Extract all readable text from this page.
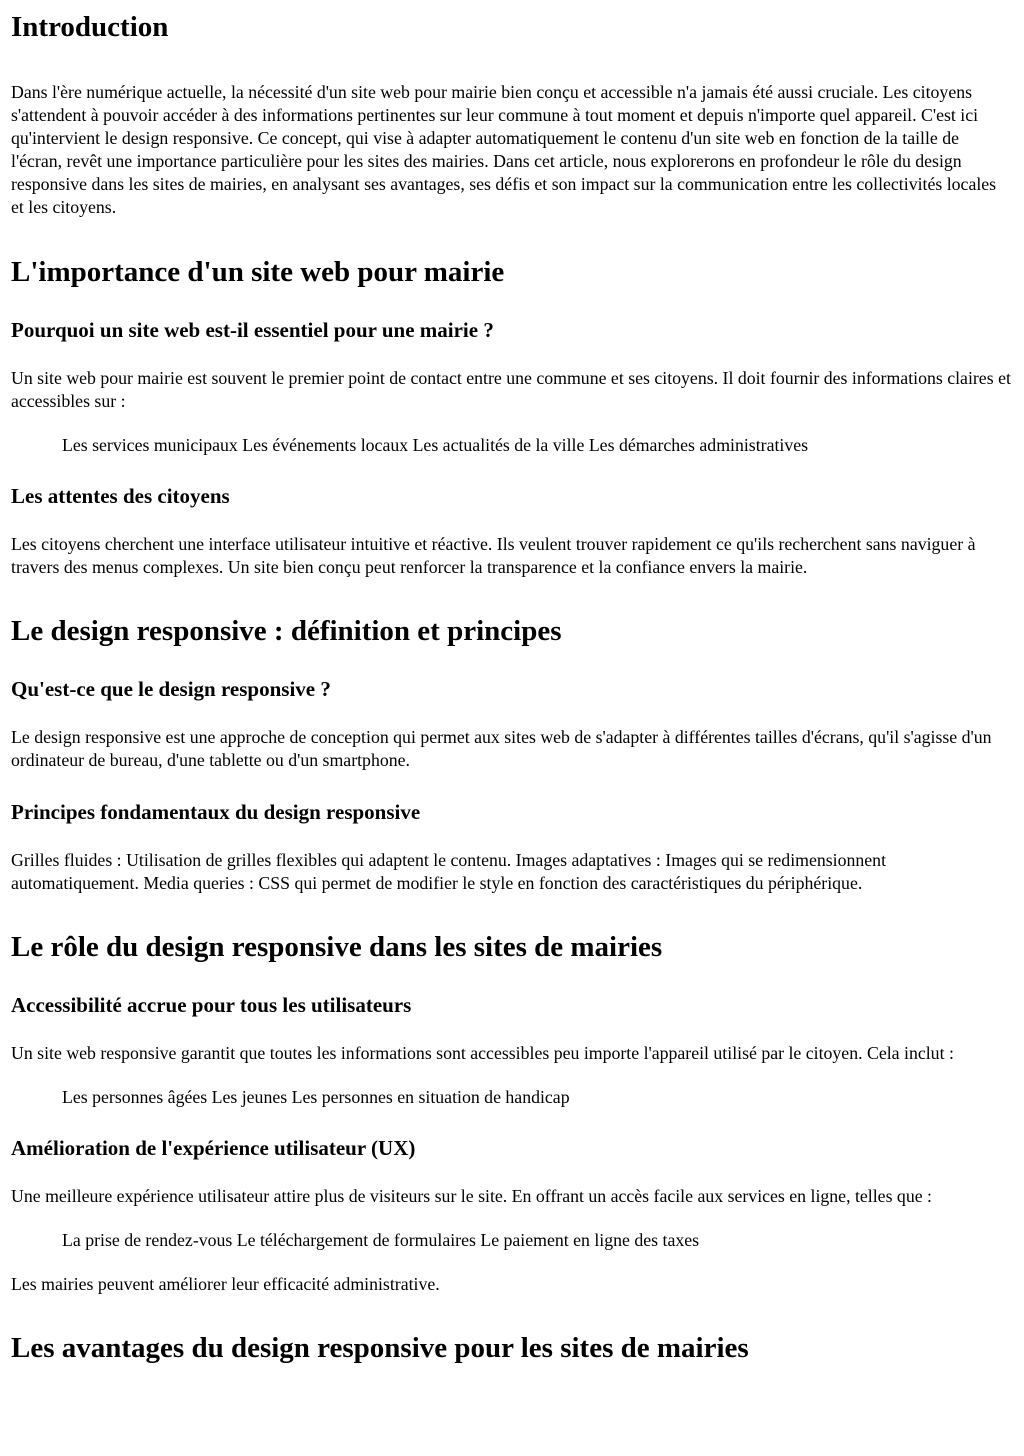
Introduction

Dans l'ère numérique actuelle, la nécessité d'un site web pour mairie bien conçu et accessible n'a jamais été aussi cruciale. Les citoyens s'attendent à pouvoir accéder à des informations pertinentes sur leur commune à tout moment et depuis n'importe quel appareil. C'est ici qu'intervient le design responsive. Ce concept, qui vise à adapter automatiquement le contenu d'un site web en fonction de la taille de l'écran, revêt une importance particulière pour les sites des mairies. Dans cet article, nous explorerons en profondeur le rôle du design responsive dans les sites de mairies, en analysant ses avantages, ses défis et son impact sur la communication entre les collectivités locales et les citoyens.

L'importance d'un site web pour mairie
Pourquoi un site web est-il essentiel pour une mairie ?

Un site web pour mairie est souvent le premier point de contact entre une commune et ses citoyens. Il doit fournir des informations claires et accessibles sur :

Les services municipaux Les événements locaux Les actualités de la ville Les démarches administratives

Les attentes des citoyens

Les citoyens cherchent une interface utilisateur intuitive et réactive. Ils veulent trouver rapidement ce qu'ils recherchent sans naviguer à travers des menus complexes. Un site bien conçu peut renforcer la transparence et la confiance envers la mairie.

Le design responsive : définition et principes
Qu'est-ce que le design responsive ?

Le design responsive est une approche de conception qui permet aux sites web de s'adapter à différentes tailles d'écrans, qu'il s'agisse d'un ordinateur de bureau, d'une tablette ou d'un smartphone.

Principes fondamentaux du design responsive

Grilles fluides : Utilisation de grilles flexibles qui adaptent le contenu. Images adaptatives : Images qui se redimensionnent automatiquement. Media queries : CSS qui permet de modifier le style en fonction des caractéristiques du périphérique.

Le rôle du design responsive dans les sites de mairies
Accessibilité accrue pour tous les utilisateurs

Un site web responsive garantit que toutes les informations sont accessibles peu importe l'appareil utilisé par le citoyen. Cela inclut :

Les personnes âgées Les jeunes Les personnes en situation de handicap

Amélioration de l'expérience utilisateur (UX)

Une meilleure expérience utilisateur attire plus de visiteurs sur le site. En offrant un accès facile aux services en ligne, telles que :

La prise de rendez-vous Le téléchargement de formulaires Le paiement en ligne des taxes

Les mairies peuvent améliorer leur efficacité administrative.

Les avantages du design responsive pour les sites de mairies
